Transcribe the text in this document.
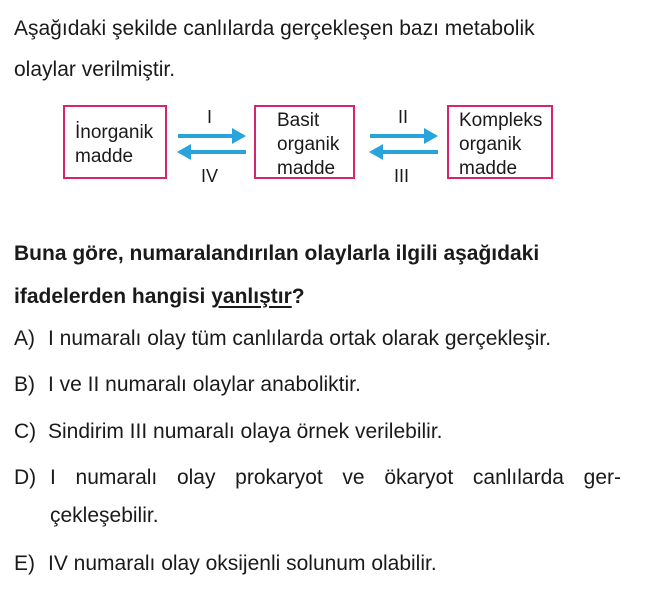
Aşağıdaki şekilde canlılarda gerçekleşen bazı metabolik
olaylar verilmiştir.
İnorganik
madde
Basit
organik
madde
Kompleks
organik
madde
I	II
III
IV
Buna göre, numaralandırılan olaylarla ilgili aşağıdaki ifadelerden hangisi yanlıştır?
A) I numaralı olay tüm canlılarda ortak olarak gerçekleşir.
B) I ve II numaralı olaylar anaboliktir.
C) Sindirim III numaralı olaya örnek verilebilir.
D) I numaralı olay prokaryot ve ökaryot canlılarda ger-
çekleşebilir.
E) IV numaralı olay oksijenli solunum olabilir.
